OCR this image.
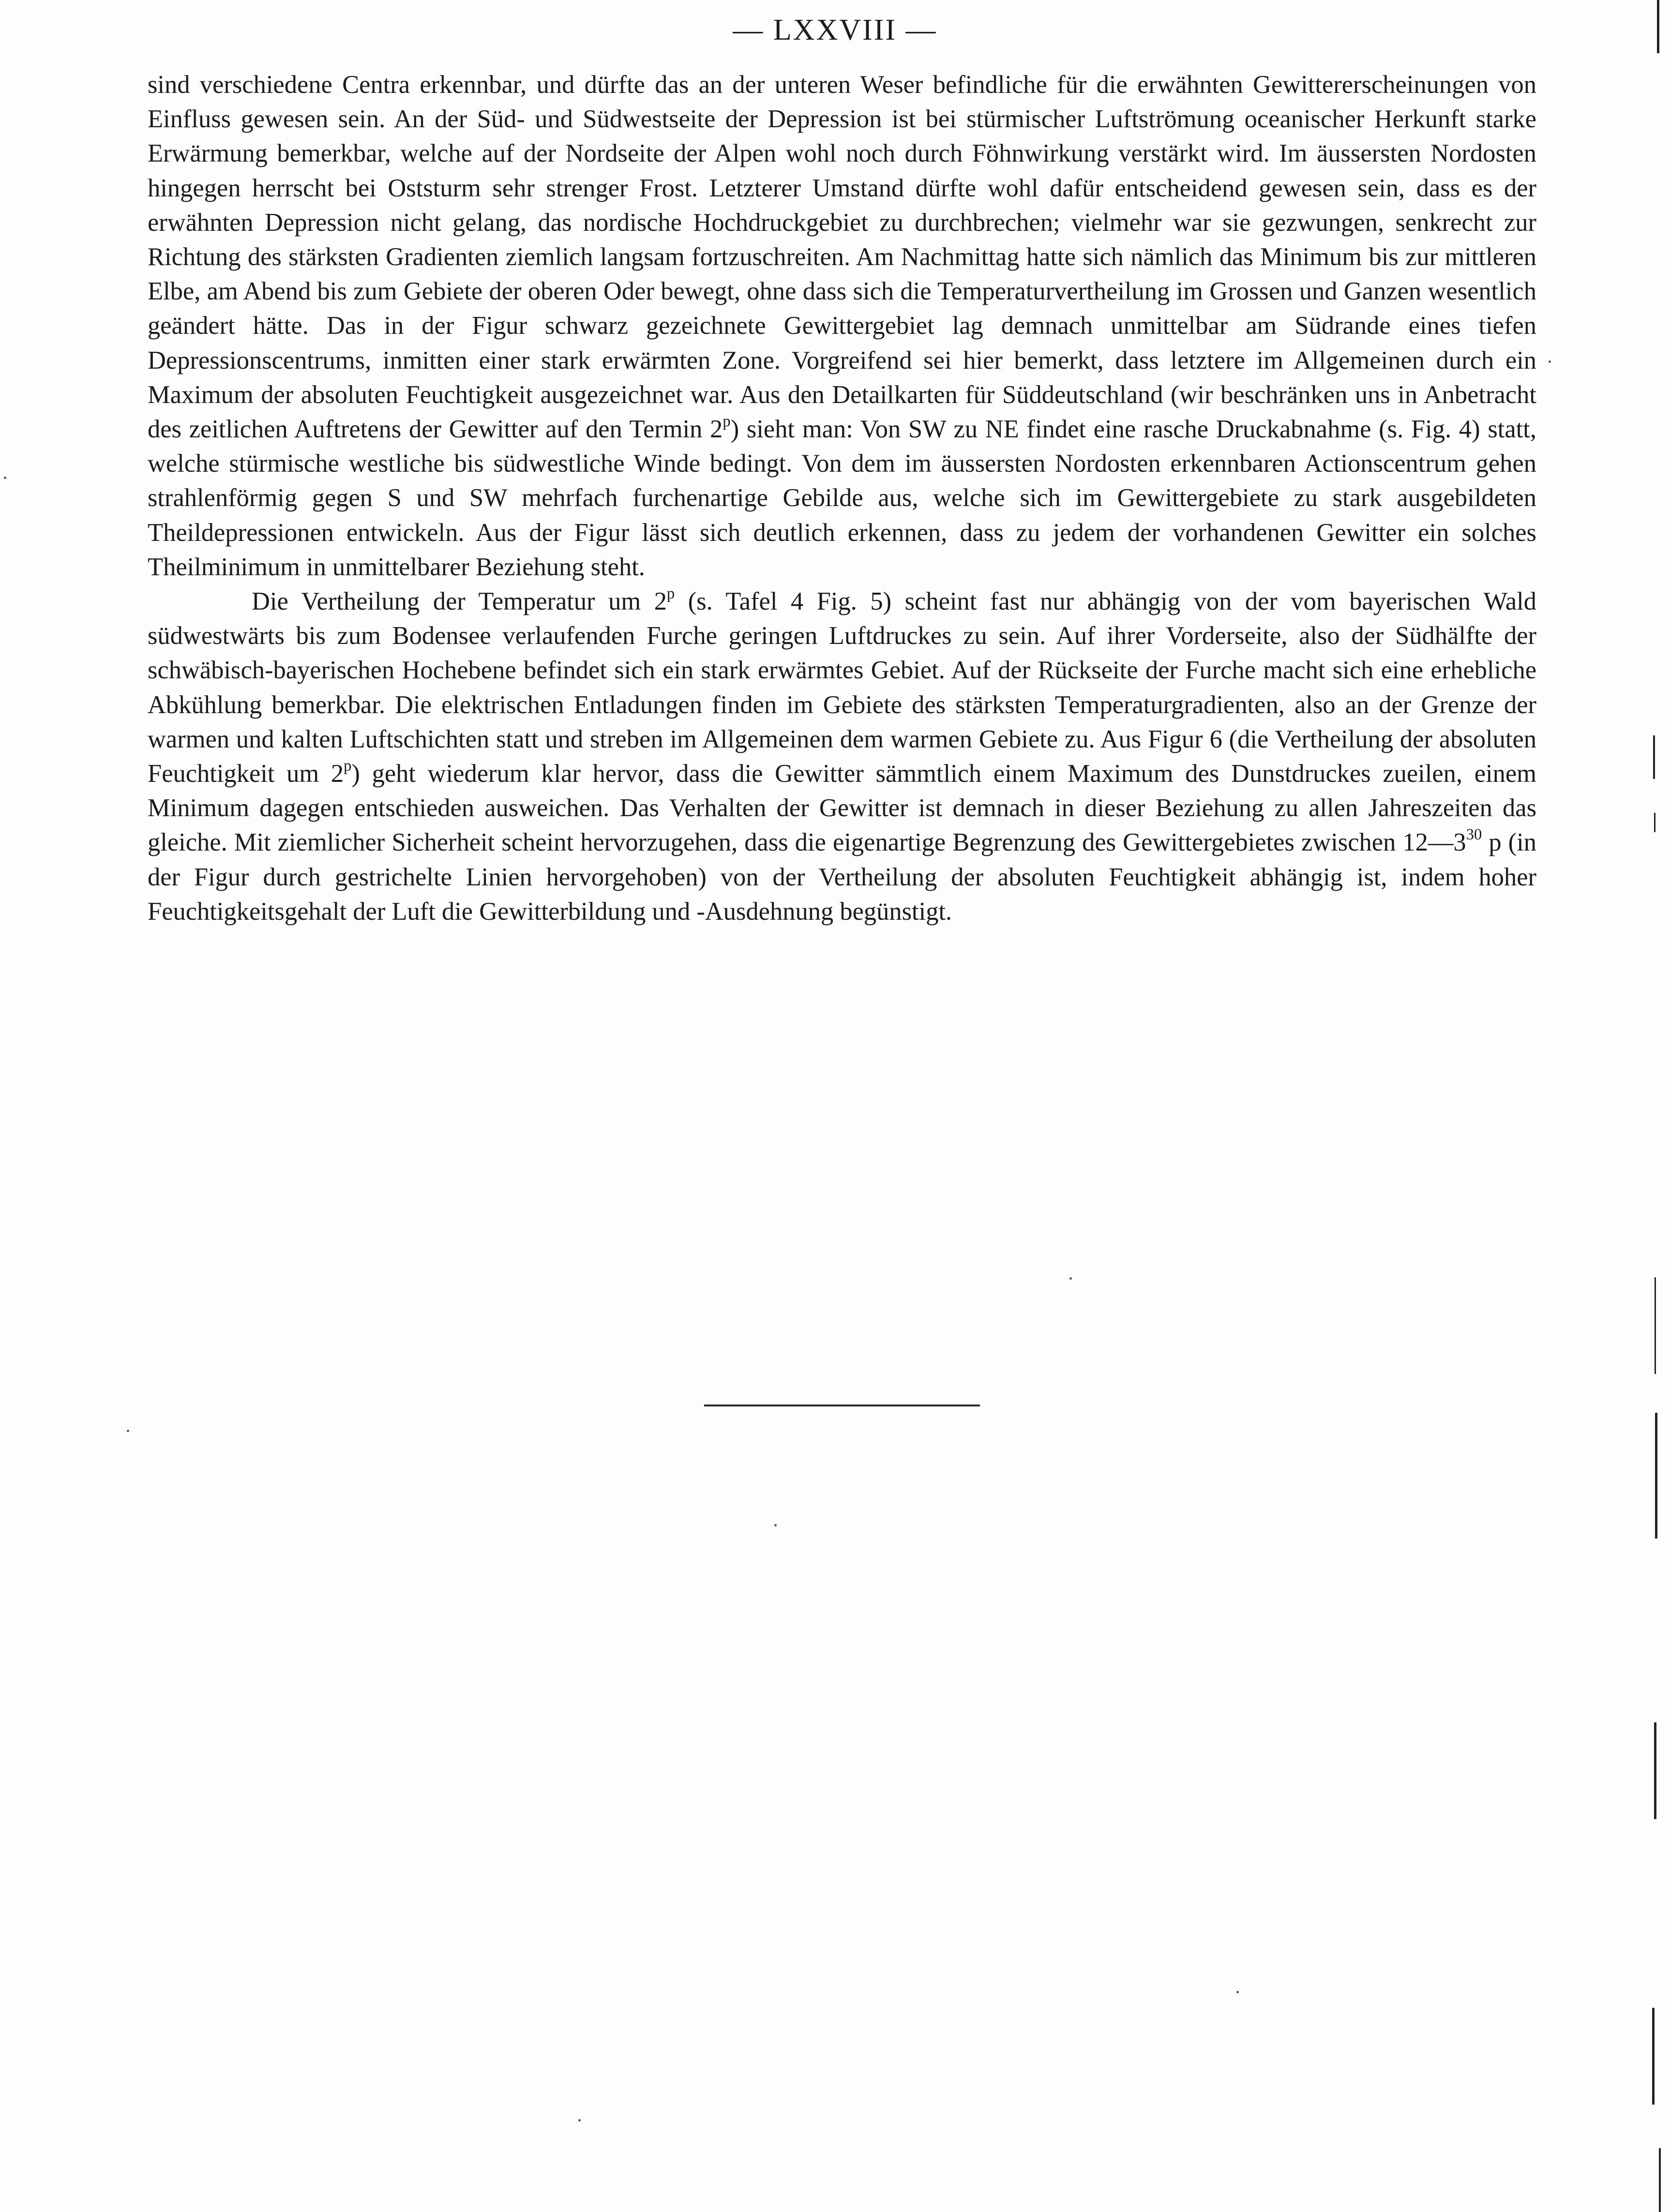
— LXXVIII —

sind verschiedene Centra erkennbar, und dürfte das an der unteren Weser befindliche für die erwähnten Gewittererscheinungen von Einfluss gewesen sein. An der Süd- und Südwestseite der Depression ist bei stürmischer Luftströmung oceanischer Herkunft starke Erwärmung bemerkbar, welche auf der Nordseite der Alpen wohl noch durch Föhnwirkung verstärkt wird. Im äussersten Nordosten hingegen herrscht bei Oststurm sehr strenger Frost. Letzterer Umstand dürfte wohl dafür entscheidend gewesen sein, dass es der erwähnten Depression nicht gelang, das nordische Hochdruckgebiet zu durchbrechen; vielmehr war sie gezwungen, senkrecht zur Richtung des stärksten Gradienten ziemlich langsam fortzuschreiten. Am Nachmittag hatte sich nämlich das Minimum bis zur mittleren Elbe, am Abend bis zum Gebiete der oberen Oder bewegt, ohne dass sich die Temperaturvertheilung im Grossen und Ganzen wesentlich geändert hätte. Das in der Figur schwarz gezeichnete Gewittergebiet lag demnach unmittelbar am Südrande eines tiefen Depressionscentrums, inmitten einer stark erwärmten Zone. Vorgreifend sei hier bemerkt, dass letztere im Allgemeinen durch ein Maximum der absoluten Feuchtigkeit ausgezeichnet war. Aus den Detailkarten für Süddeutschland (wir beschränken uns in Anbetracht des zeitlichen Auftretens der Gewitter auf den Termin 2$^p$) sieht man: Von SW zu NE findet eine rasche Druckabnahme (s. Fig. 4) statt, welche stürmische westliche bis südwestliche Winde bedingt. Von dem im äussersten Nordosten erkennbaren Actionscentrum gehen strahlenförmig gegen S und SW mehrfach furchenartige Gebilde aus, welche sich im Gewittergebiete zu stark ausgebildeten Theildepressionen entwickeln. Aus der Figur lässt sich deutlich erkennen, dass zu jedem der vorhandenen Gewitter ein solches Theilminimum in unmittelbarer Beziehung steht.

Die Vertheilung der Temperatur um 2$^p$ (s. Tafel 4 Fig. 5) scheint fast nur abhängig von der vom bayerischen Wald südwestwärts bis zum Bodensee verlaufenden Furche geringen Luftdruckes zu sein. Auf ihrer Vorderseite, also der Südhälfte der schwäbisch-bayerischen Hochebene befindet sich ein stark erwärmtes Gebiet. Auf der Rückseite der Furche macht sich eine erhebliche Abkühlung bemerkbar. Die elektrischen Entladungen finden im Gebiete des stärksten Temperaturgradienten, also an der Grenze der warmen und kalten Luftschichten statt und streben im Allgemeinen dem warmen Gebiete zu. Aus Figur 6 (die Vertheilung der absoluten Feuchtigkeit um 2$^p$) geht wiederum klar hervor, dass die Gewitter sämmtlich einem Maximum des Dunstdruckes zueilen, einem Minimum dagegen entschieden ausweichen. Das Verhalten der Gewitter ist demnach in dieser Beziehung zu allen Jahreszeiten das gleiche. Mit ziemlicher Sicherheit scheint hervorzugehen, dass die eigenartige Begrenzung des Gewittergebietes zwischen $12—3^{30}$ p (in der Figur durch gestrichelte Linien hervorgehoben) von der Vertheilung der absoluten Feuchtigkeit abhängig ist, indem hoher Feuchtigkeitsgehalt der Luft die Gewitterbildung und -Ausdehnung begünstigt.
